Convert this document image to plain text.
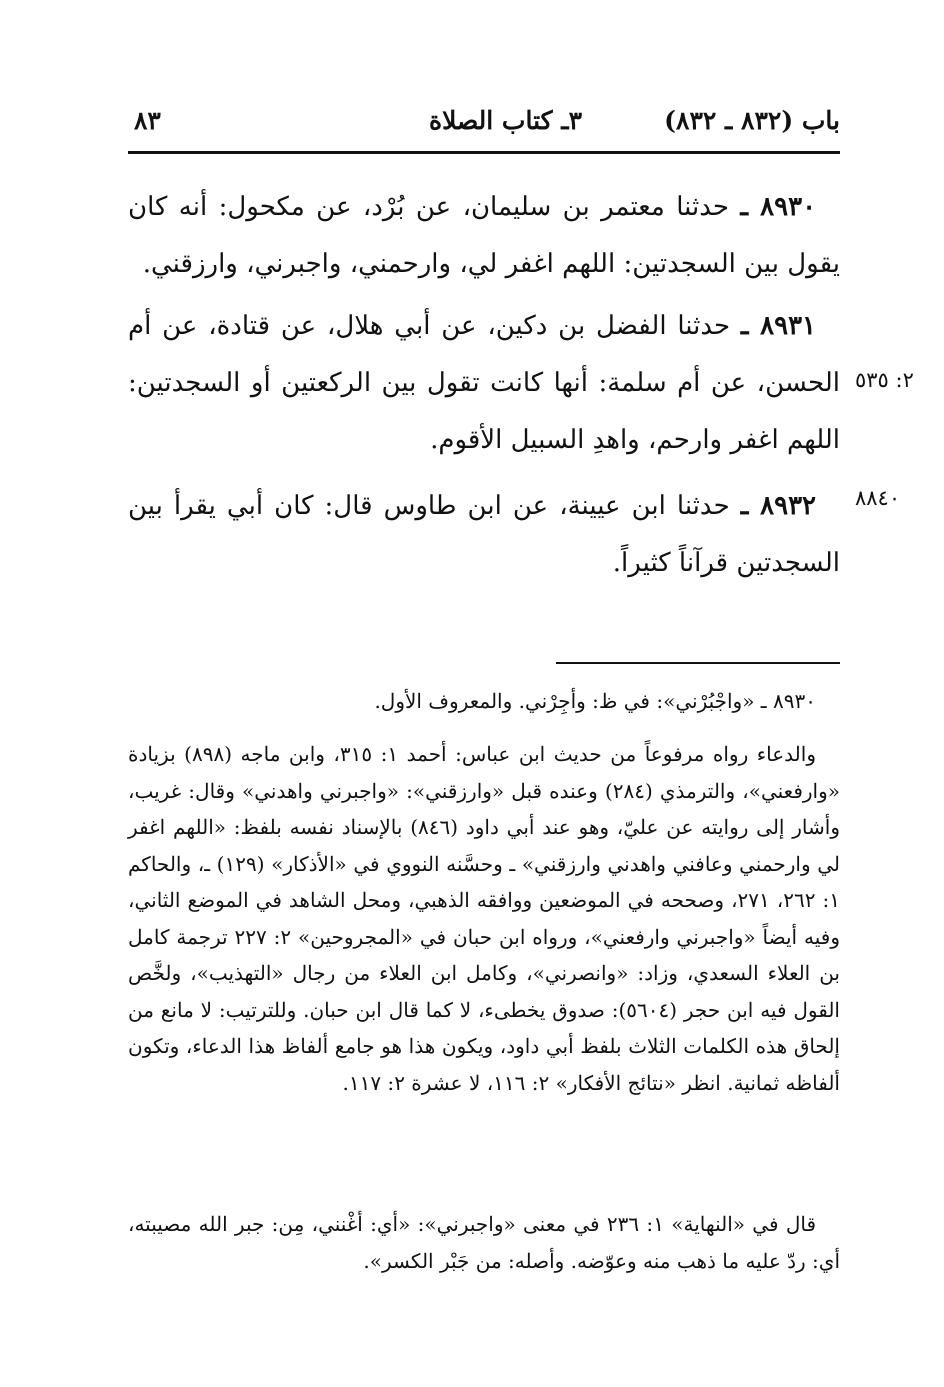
باب (٨٣٢ ـ ٨٣٢)
٣ـ كتاب الصلاة
٨٣
٨٩٣٠ ـ حدثنا معتمر بن سليمان، عن بُرْد، عن مكحول: أنه كان يقول بين السجدتين: اللهم اغفر لي، وارحمني، واجبرني، وارزقني.
٨٩٣١ ـ حدثنا الفضل بن دكين، عن أبي هلال، عن قتادة، عن أم الحسن، عن أم سلمة: أنها كانت تقول بين الركعتين أو السجدتين: اللهم اغفر وارحم، واهدِ السبيل الأقوم.
٨٩٣٢ ـ حدثنا ابن عيينة، عن ابن طاوس قال: كان أبي يقرأ بين السجدتين قرآناً كثيراً.
٢: ٥٣٥
٨٨٤٠
٨٩٣٠ ـ «واجْبُرْني»: في ظ: وأجِرْني. والمعروف الأول.
والدعاء رواه مرفوعاً من حديث ابن عباس: أحمد ١: ٣١٥، وابن ماجه (٨٩٨) بزيادة «وارفعني»، والترمذي (٢٨٤) وعنده قبل «وارزقني»: «واجبرني واهدني» وقال: غريب، وأشار إلى روايته عن عليّ، وهو عند أبي داود (٨٤٦) بالإسناد نفسه بلفظ: «اللهم اغفر لي وارحمني وعافني واهدني وارزقني» ـ وحسَّنه النووي في «الأذكار» (١٢٩) ـ، والحاكم ١: ٢٦٢، ٢٧١، وصححه في الموضعين ووافقه الذهبي، ومحل الشاهد في الموضع الثاني، وفيه أيضاً «واجبرني وارفعني»، ورواه ابن حبان في «المجروحين» ٢: ٢٢٧ ترجمة كامل بن العلاء السعدي، وزاد: «وانصرني»، وكامل ابن العلاء من رجال «التهذيب»، ولخَّص القول فيه ابن حجر (٥٦٠٤): صدوق يخطىء، لا كما قال ابن حبان. وللترتيب: لا مانع من إلحاق هذه الكلمات الثلاث بلفظ أبي داود، ويكون هذا هو جامع ألفاظ هذا الدعاء، وتكون ألفاظه ثمانية. انظر «نتائج الأفكار» ٢: ١١٦، لا عشرة ٢: ١١٧.
قال في «النهاية» ١: ٢٣٦ في معنى «واجبرني»: «أي: أغْنني، مِن: جبر الله مصيبته، أي: ردّ عليه ما ذهب منه وعوّضه. وأصله: من جَبْر الكسر».
